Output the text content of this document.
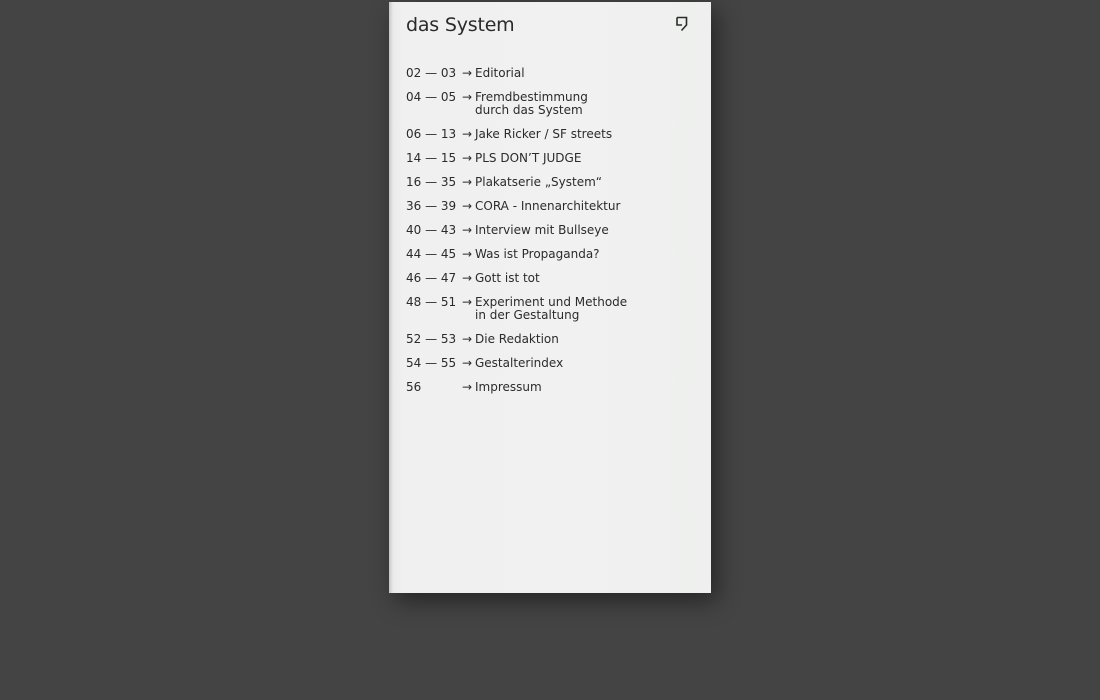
das System
02 — 03 → Editorial
04 — 05 → Fremdbestimmung
durch das System
06 — 13 → Jake Ricker / SF streets
14 — 15 → PLS DON’T JUDGE
16 — 35 → Plakatserie „System“
36 — 39 → CORA - Innenarchitektur
40 — 43 → Interview mit Bullseye
44 — 45 → Was ist Propaganda?
46 — 47 → Gott ist tot
48 — 51 → Experiment und Methode
in der Gestaltung
52 — 53 → Die Redaktion
54 — 55 → Gestalterindex
56	→ Impressum
